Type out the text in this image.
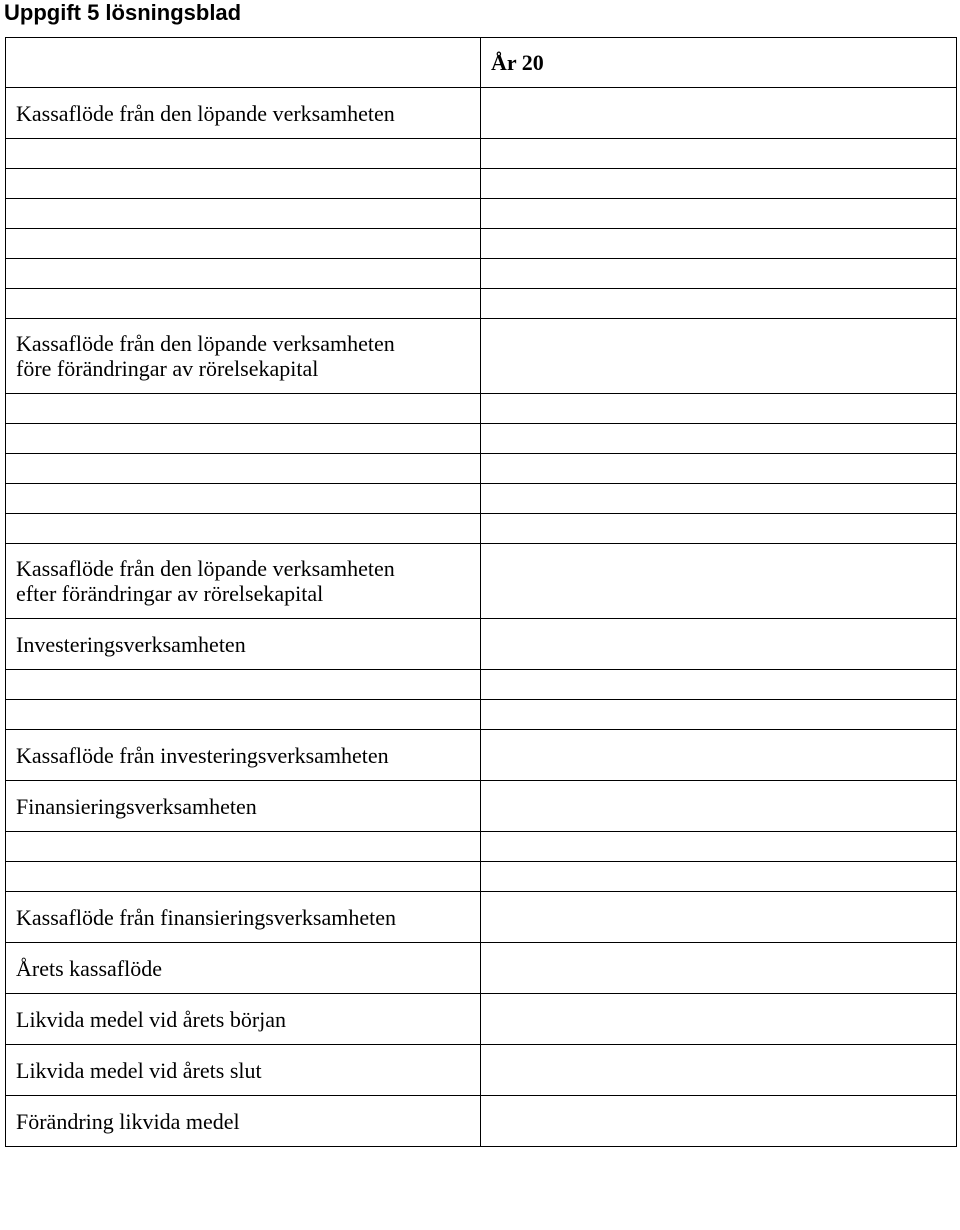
Uppgift 5 lösningsblad
	År 20
Kassaflöde från den löpande verksamheten	

Kassaflöde från den löpande verksamheten
före förändringar av rörelsekapital	

Kassaflöde från den löpande verksamheten
efter förändringar av rörelsekapital	

Investeringsverksamheten	

Kassaflöde från investeringsverksamheten	
Finansieringsverksamheten	

Kassaflöde från finansieringsverksamheten	
Årets kassaflöde	
Likvida medel vid årets början	
Likvida medel vid årets slut	
Förändring likvida medel	
